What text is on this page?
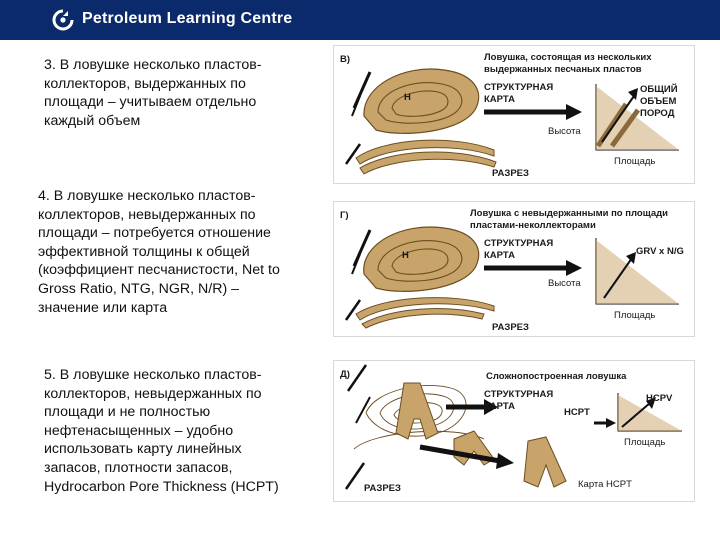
Petroleum Learning Centre
3. В ловушке несколько пластов-
коллекторов, выдержанных по
площади – учитываем отдельно
каждый объем
4. В ловушке несколько пластов-
коллекторов, невыдержанных по
площади – потребуется отношение
эффективной толщины к общей
(коэффициент песчанистости, Net to
Gross Ratio, NTG, NGR, N/R) –
значение или карта
5. В ловушке несколько пластов-
коллекторов, невыдержанных по
площади и не полностью
нефтенасыщенных – удобно
использовать карту линейных
запасов, плотности запасов,
Hydrocarbon Pore Thickness (HCPT)
В)	Ловушка, состоящая из нескольких
выдержанных песчаных пластов
Н
СТРУКТУРНАЯ
КАРТА
РАЗРЕЗ
ОБЩИЙ
ОБЪЕМ
ПОРОД
Высота
Площадь
Г)	Ловушка с невыдержанными по площади
пластами-неколлекторами
Н
СТРУКТУРНАЯ
КАРТА
РАЗРЕЗ
GRV x N/G
Высота
Площадь
Д)	Сложнопостроенная ловушка
СТРУКТУРНАЯ
КАРТА
HCPT
HCPV
Площадь
РАЗРЕЗ	Карта HCPT
